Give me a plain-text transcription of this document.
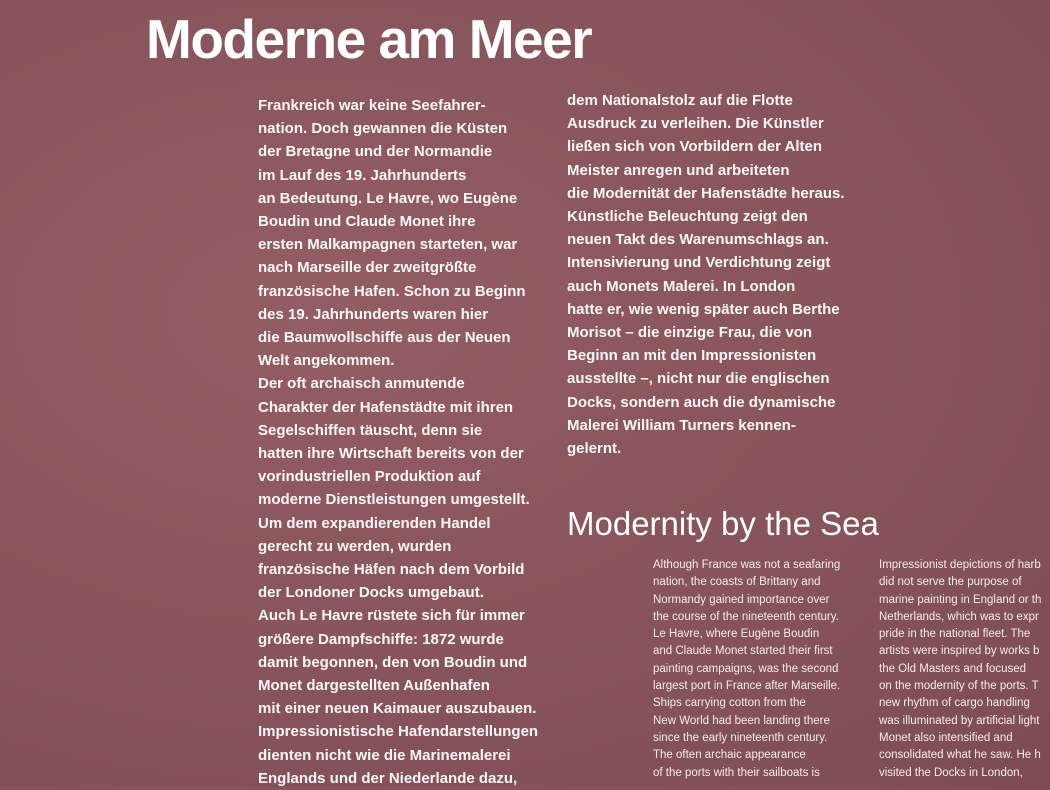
Moderne am Meer
Frankreich war keine Seefahrer-
nation. Doch gewannen die Küsten
der Bretagne und der Normandie
im Lauf des 19. Jahrhunderts
an Bedeutung. Le Havre, wo Eugène
Boudin und Claude Monet ihre
ersten Malkampagnen starteten, war
nach Marseille der zweitgrößte
französische Hafen. Schon zu Beginn
des 19. Jahrhunderts waren hier
die Baumwollschiffe aus der Neuen
Welt angekommen.
Der oft archaisch anmutende
Charakter der Hafenstädte mit ihren
Segelschiffen täuscht, denn sie
hatten ihre Wirtschaft bereits von der
vorindustriellen Produktion auf
moderne Dienstleistungen umgestellt.
Um dem expandierenden Handel
gerecht zu werden, wurden
französische Häfen nach dem Vorbild
der Londoner Docks umgebaut.
Auch Le Havre rüstete sich für immer
größere Dampfschiffe: 1872 wurde
damit begonnen, den von Boudin und
Monet dargestellten Außenhafen
mit einer neuen Kaimauer auszubauen.
Impressionistische Hafendarstellungen
dienten nicht wie die Marinemalerei
Englands und der Niederlande dazu,
dem Nationalstolz auf die Flotte
Ausdruck zu verleihen. Die Künstler
ließen sich von Vorbildern der Alten
Meister anregen und arbeiteten
die Modernität der Hafenstädte heraus.
Künstliche Beleuchtung zeigt den
neuen Takt des Warenumschlags an.
Intensivierung und Verdichtung zeigt
auch Monets Malerei. In London
hatte er, wie wenig später auch Berthe
Morisot – die einzige Frau, die von
Beginn an mit den Impressionisten
ausstellte –, nicht nur die englischen
Docks, sondern auch die dynamische
Malerei William Turners kennen-
gelernt.
Modernity by the Sea
Although France was not a seafaring
nation, the coasts of Brittany and
Normandy gained importance over
the course of the nineteenth century.
Le Havre, where Eugène Boudin
and Claude Monet started their first
painting campaigns, was the second
largest port in France after Marseille.
Ships carrying cotton from the
New World had been landing there
since the early nineteenth century.
The often archaic appearance
of the ports with their sailboats is
Impressionist depictions of harb
did not serve the purpose of
marine painting in England or th
Netherlands, which was to expr
pride in the national fleet. The
artists were inspired by works b
the Old Masters and focused
on the modernity of the ports. T
new rhythm of cargo handling
was illuminated by artificial light
Monet also intensified and
consolidated what he saw. He h
visited the Docks in London,
